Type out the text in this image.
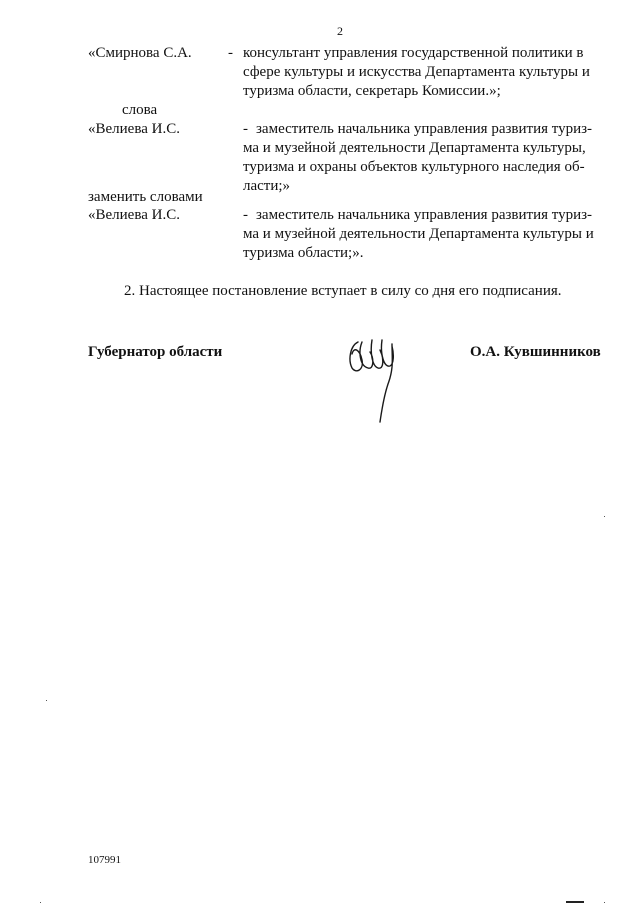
2
«Смирнова С.А. - консультант управления государственной политики в
сфере культуры и искусства Департамента культуры и
туризма области, секретарь Комиссии.»;
слова
«Велиева И.С.	- заместитель начальника управления развития туриз-
ма и музейной деятельности Департамента культуры,
туризма и охраны объектов культурного наследия об-
ласти;»
заменить словами
«Велиева И.С.	- заместитель начальника управления развития туриз-
ма и музейной деятельности Департамента культуры и
туризма области;».
2. Настоящее постановление вступает в силу со дня его подписания.
Губернатор области	О.А. Кувшинников
107991
